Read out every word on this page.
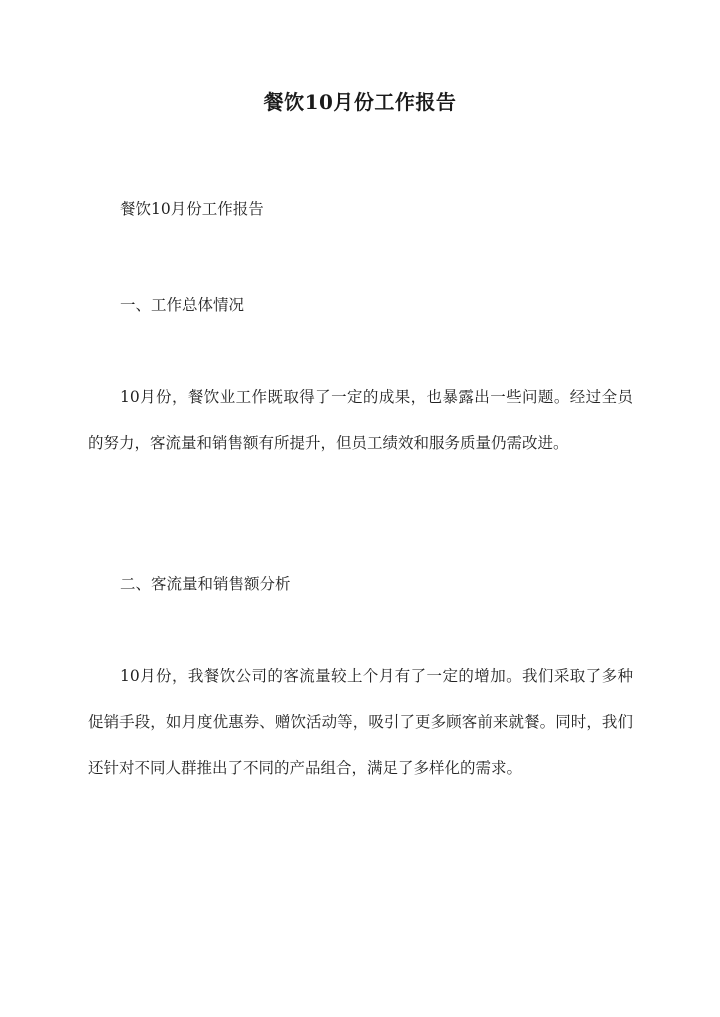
餐饮10月份工作报告
餐饮10月份工作报告
一、工作总体情况
10月份，餐饮业工作既取得了一定的成果，也暴露出一些问题。经过全员的努力，客流量和销售额有所提升，但员工绩效和服务质量仍需改进。
二、客流量和销售额分析
10月份，我餐饮公司的客流量较上个月有了一定的增加。我们采取了多种促销手段，如月度优惠券、赠饮活动等，吸引了更多顾客前来就餐。同时，我们还针对不同人群推出了不同的产品组合，满足了多样化的需求。
